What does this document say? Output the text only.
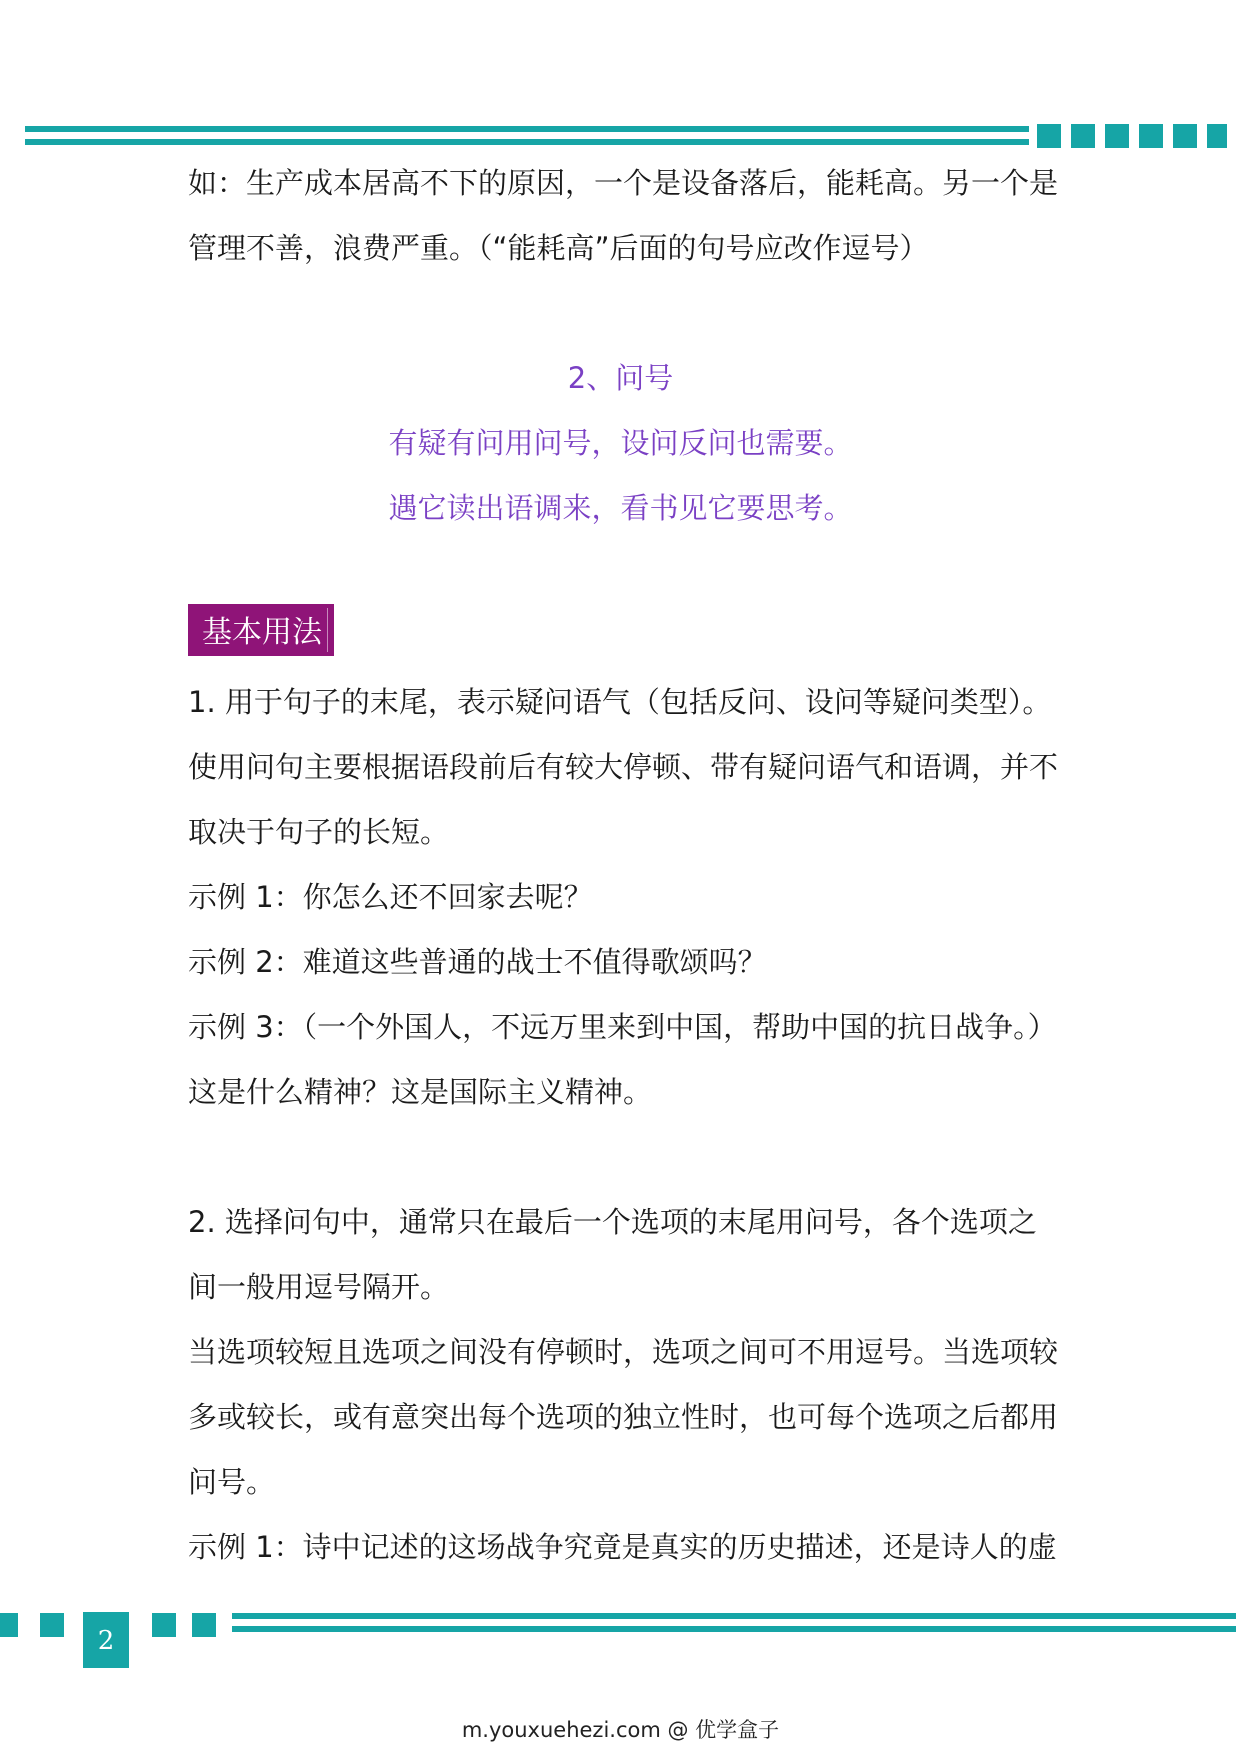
如：生产成本居高不下的原因，一个是设备落后，能耗高。另一个是
管理不善，浪费严重。（“能耗高”后面的句号应改作逗号）
2、问号
有疑有问用问号，设问反问也需要。
遇它读出语调来，看书见它要思考。
基本用法
1. 用于句子的末尾，表示疑问语气（包括反问、设问等疑问类型）。
使用问句主要根据语段前后有较大停顿、带有疑问语气和语调，并不
取决于句子的长短。
示例 1：你怎么还不回家去呢？
示例 2：难道这些普通的战士不值得歌颂吗？
示例 3：（一个外国人，不远万里来到中国，帮助中国的抗日战争。）
这是什么精神？这是国际主义精神。
2. 选择问句中，通常只在最后一个选项的末尾用问号，各个选项之
间一般用逗号隔开。
当选项较短且选项之间没有停顿时，选项之间可不用逗号。当选项较
多或较长，或有意突出每个选项的独立性时，也可每个选项之后都用
问号。
示例 1：诗中记述的这场战争究竟是真实的历史描述，还是诗人的虚
2
m.youxuehezi.com @ 优学盒子
